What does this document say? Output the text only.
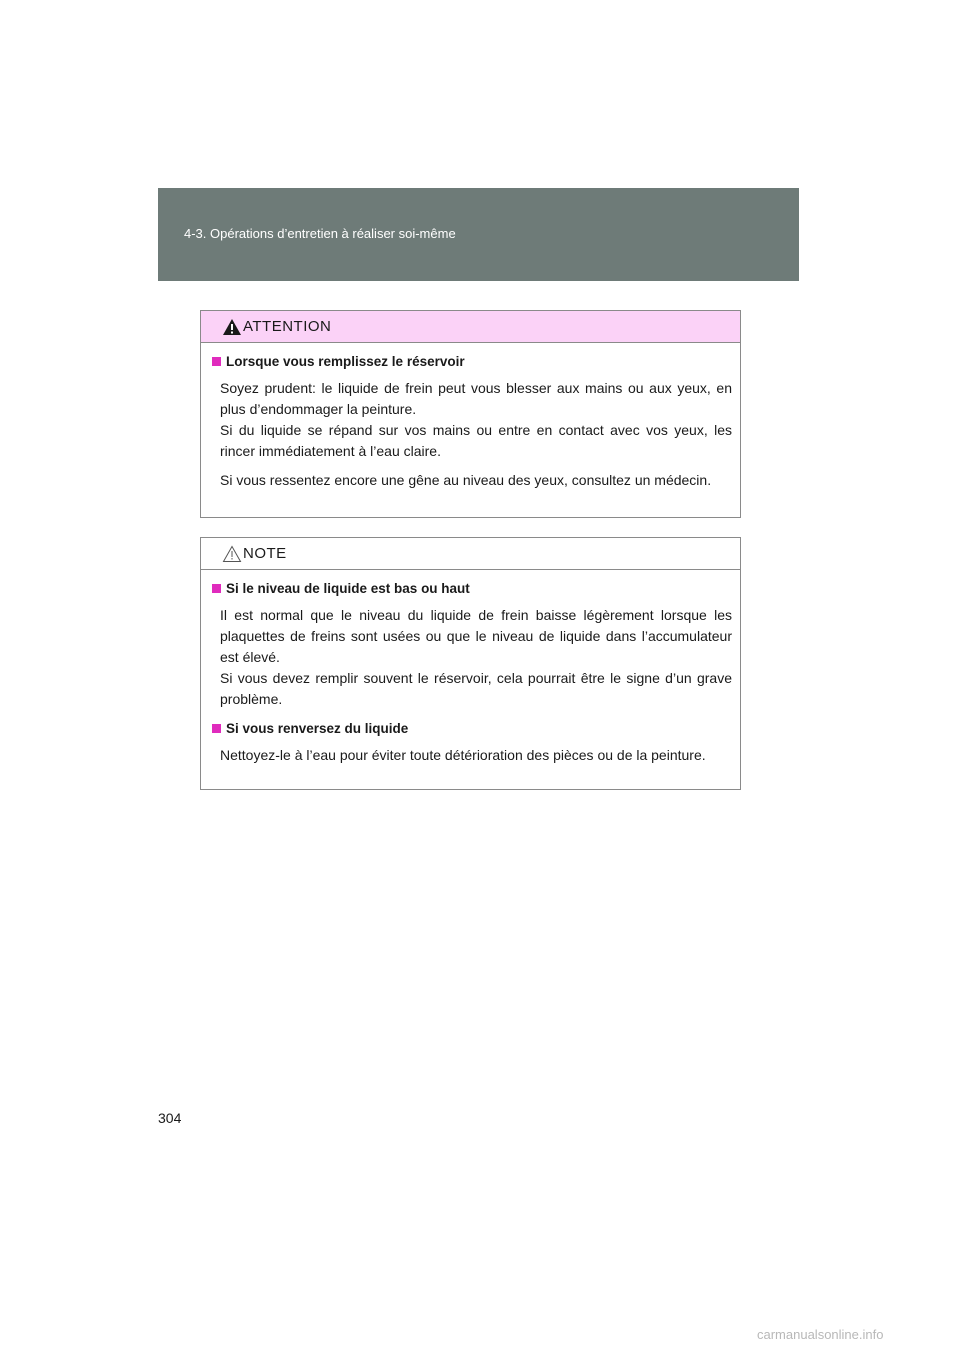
4-3. Opérations d’entretien à réaliser soi-même
ATTENTION
Lorsque vous remplissez le réservoir

Soyez prudent: le liquide de frein peut vous blesser aux mains ou aux yeux, en plus d’endommager la peinture.

Si du liquide se répand sur vos mains ou entre en contact avec vos yeux, les rincer immédiatement à l’eau claire.

Si vous ressentez encore une gêne au niveau des yeux, consultez un médecin.

NOTE
Si le niveau de liquide est bas ou haut

Il est normal que le niveau du liquide de frein baisse légèrement lorsque les plaquettes de freins sont usées ou que le niveau de liquide dans l’accumulateur est élevé.

Si vous devez remplir souvent le réservoir, cela pourrait être le signe d’un grave problème.

Si vous renversez du liquide

Nettoyez-le à l’eau pour éviter toute détérioration des pièces ou de la peinture.

304
carmanualsonline.info
